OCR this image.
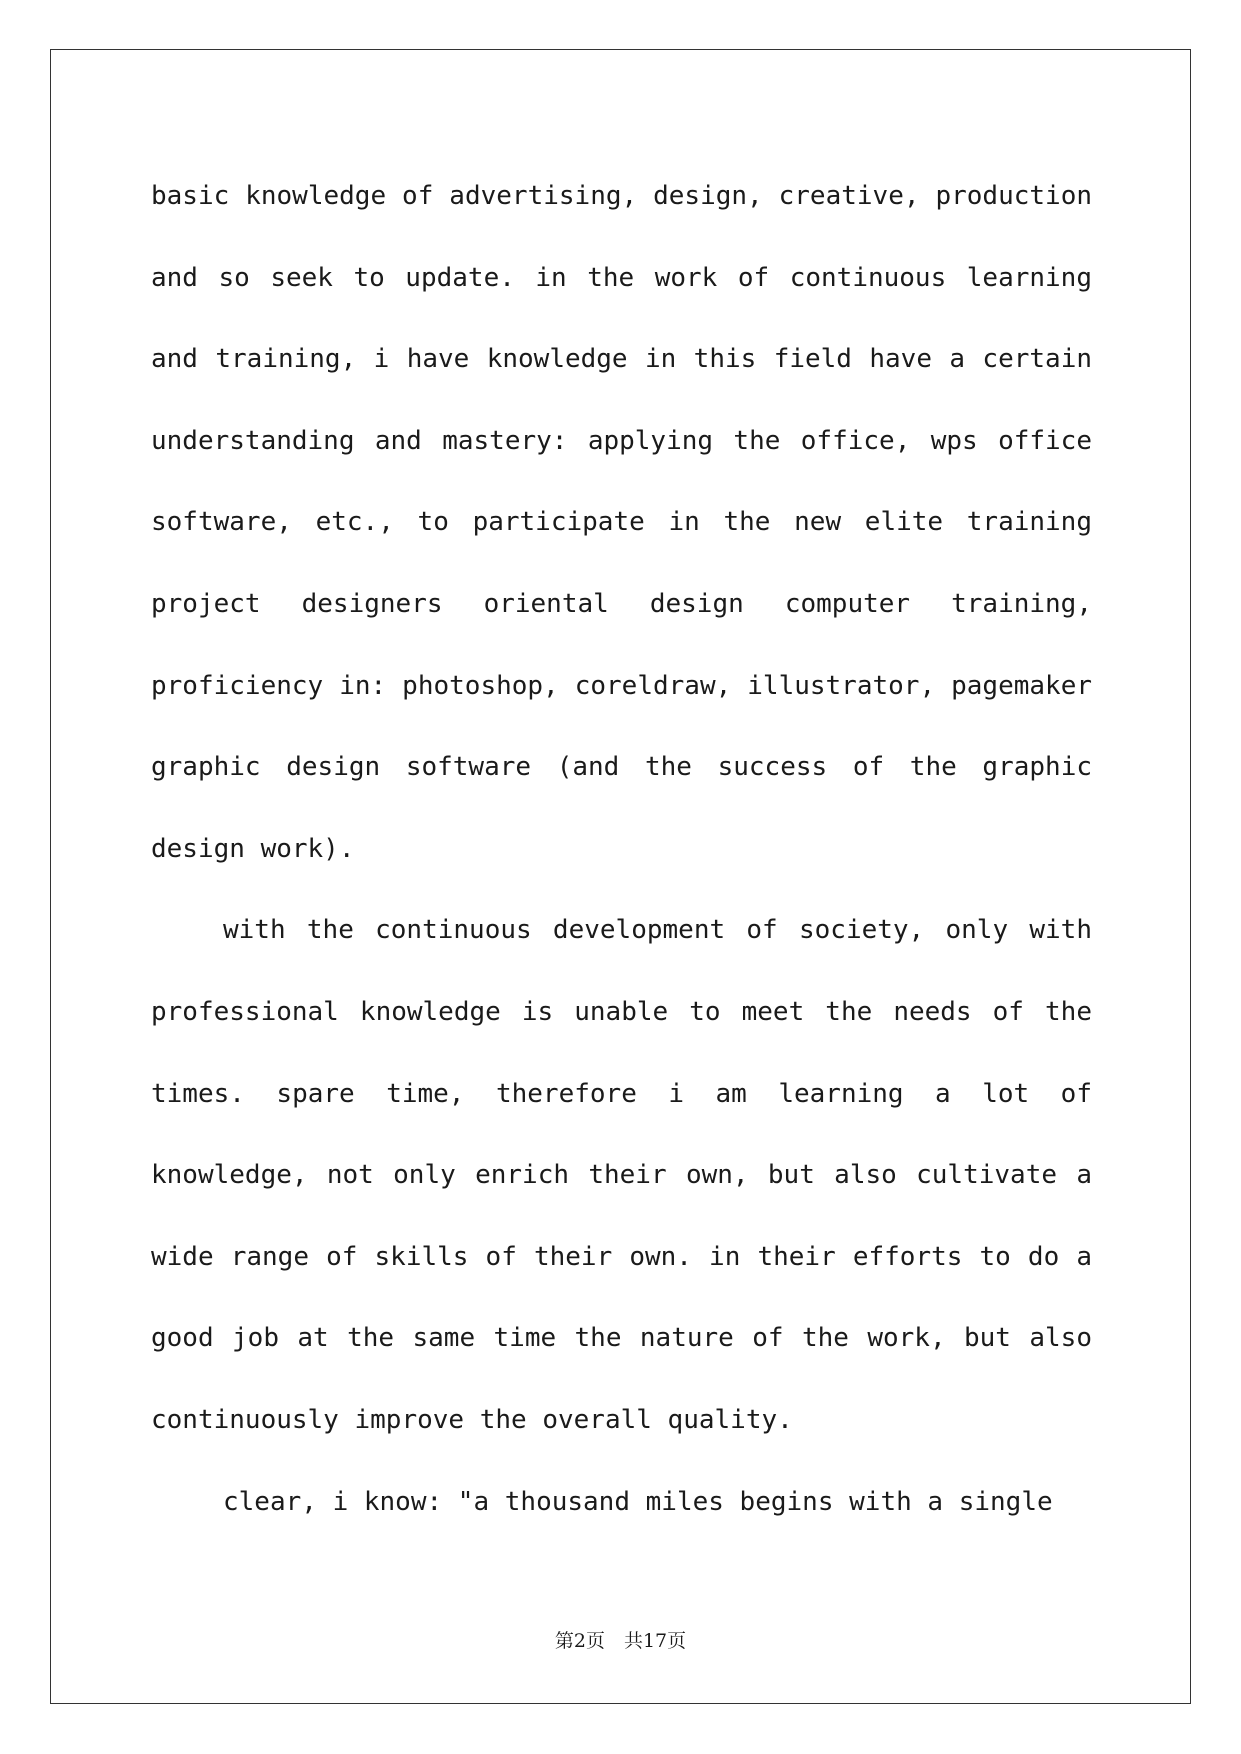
basic knowledge of advertising, design, creative, production and so seek to update. in the work of continuous learning and training, i have knowledge in this field have a certain understanding and mastery: applying the office, wps office software, etc., to participate in the new elite training project designers oriental design computer training, proficiency in: photoshop, coreldraw, illustrator, pagemaker graphic design software (and the success of the graphic design work).

with the continuous development of society, only with professional knowledge is unable to meet the needs of the times. spare time, therefore i am learning a lot of knowledge, not only enrich their own, but also cultivate a wide range of skills of their own. in their efforts to do a good job at the same time the nature of the work, but also continuously improve the overall quality.

clear, i know: "a thousand miles begins with a single

第2页　共17页
